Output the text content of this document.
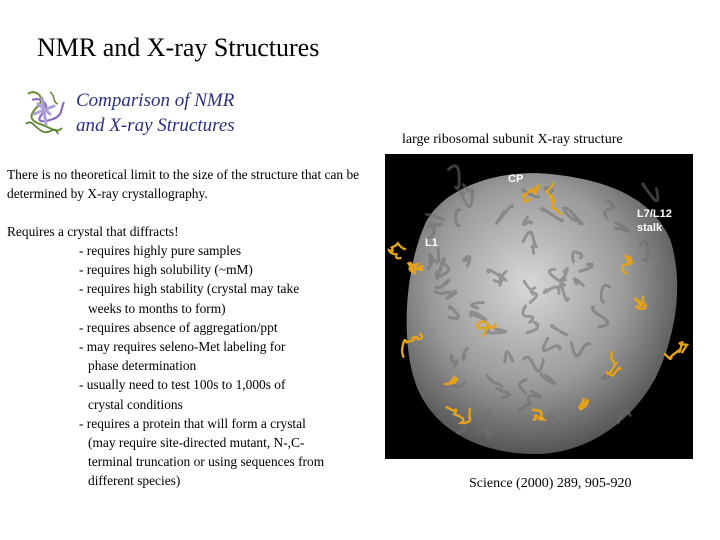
NMR and X-ray Structures
Comparison of NMR
and X-ray Structures
large ribosomal subunit X-ray structure
There is no theoretical limit to the size of the structure that can be determined by X-ray crystallography.
Requires a crystal that diffracts!
- requires highly pure samples
- requires high solubility (~mM)
- requires high stability (crystal may take
weeks to months to form)
- requires absence of aggregation/ppt
- may requires seleno-Met labeling for
phase determination
- usually need to test 100s to 1,000s of
crystal conditions
- requires a protein that will form a crystal
(may require site-directed mutant, N-,C-
terminal truncation or using sequences from
different species)
CP
L1
L7/L12
stalk
Science (2000) 289, 905-920
